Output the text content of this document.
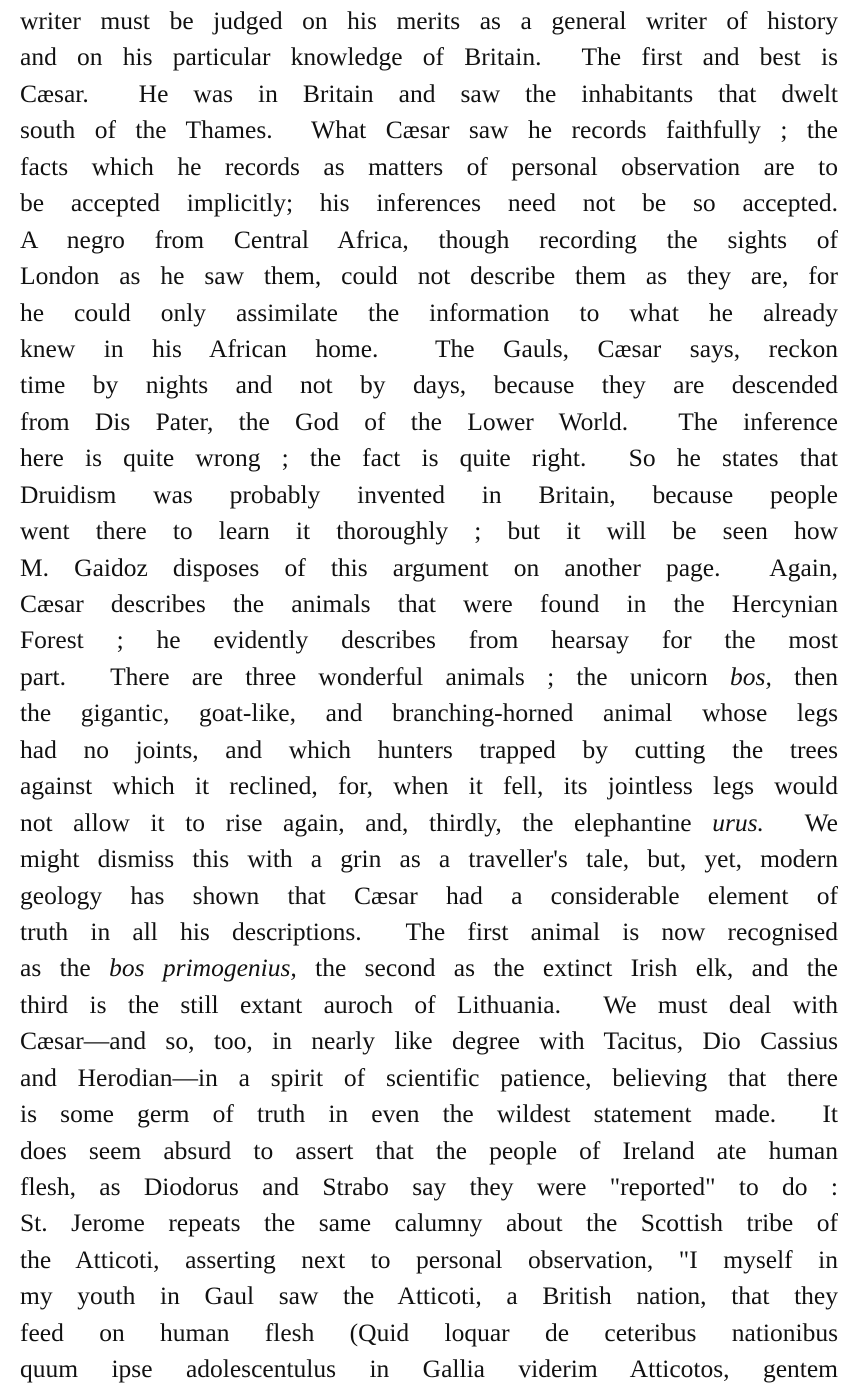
writer must be judged on his merits as a general writer of history
and on his particular knowledge of Britain.  The first and best is
Cæsar.  He was in Britain and saw the inhabitants that dwelt
south of the Thames.  What Cæsar saw he records faithfully ; the
facts which he records as matters of personal observation are to
be accepted implicitly; his inferences need not be so accepted.
A negro from Central Africa, though recording the sights of
London as he saw them, could not describe them as they are, for
he could only assimilate the information to what he already
knew in his African home.  The Gauls, Cæsar says, reckon
time by nights and not by days, because they are descended
from Dis Pater, the God of the Lower World.  The inference
here is quite wrong ; the fact is quite right.  So he states that
Druidism was probably invented in Britain, because people
went there to learn it thoroughly ; but it will be seen how
M. Gaidoz disposes of this argument on another page.  Again,
Cæsar describes the animals that were found in the Hercynian
Forest ; he evidently describes from hearsay for the most
part.  There are three wonderful animals ; the unicorn bos, then
the gigantic, goat-like, and branching-horned animal whose legs
had no joints, and which hunters trapped by cutting the trees
against which it reclined, for, when it fell, its jointless legs would
not allow it to rise again, and, thirdly, the elephantine urus.  We
might dismiss this with a grin as a traveller's tale, but, yet, modern
geology has shown that Cæsar had a considerable element of
truth in all his descriptions.  The first animal is now recognised
as the bos primogenius, the second as the extinct Irish elk, and the
third is the still extant auroch of Lithuania.  We must deal with
Cæsar—and so, too, in nearly like degree with Tacitus, Dio Cassius
and Herodian—in a spirit of scientific patience, believing that there
is some germ of truth in even the wildest statement made.  It
does seem absurd to assert that the people of Ireland ate human
flesh, as Diodorus and Strabo say they were "reported" to do :
St. Jerome repeats the same calumny about the Scottish tribe of
the Atticoti, asserting next to personal observation, "I myself in
my youth in Gaul saw the Atticoti, a British nation, that they
feed on human flesh (Quid loquar de ceteribus nationibus
quum ipse adolescentulus in Gallia viderim Atticotos, gentem
